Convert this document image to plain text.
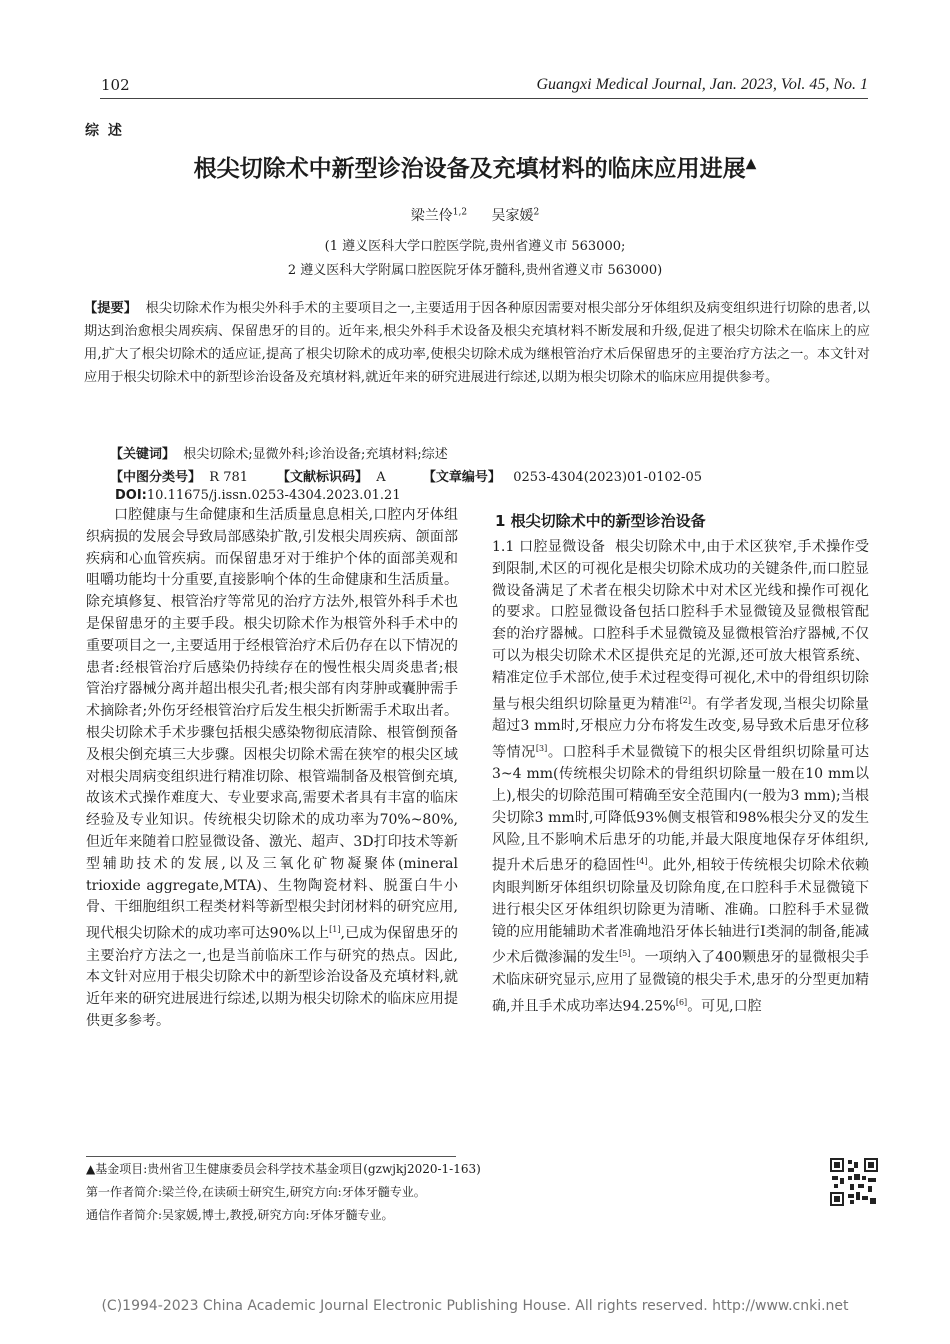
102	Guangxi Medical Journal, Jan. 2023, Vol. 45, No. 1
综 述
根尖切除术中新型诊治设备及充填材料的临床应用进展▲
梁兰伶$^{1,2}$ 吴家媛$^2$
(1 遵义医科大学口腔医学院,贵州省遵义市 563000;
2 遵义医科大学附属口腔医院牙体牙髓科,贵州省遵义市 563000)
【提要】 根尖切除术作为根尖外科手术的主要项目之一,主要适用于因各种原因需要对根尖部分牙体组织及病变组织进行切除的患者,以期达到治愈根尖周疾病、保留患牙的目的。近年来,根尖外科手术设备及根尖充填材料不断发展和升级,促进了根尖切除术在临床上的应用,扩大了根尖切除术的适应证,提高了根尖切除术的成功率,使根尖切除术成为继根管治疗术后保留患牙的主要治疗方法之一。本文针对应用于根尖切除术中的新型诊治设备及充填材料,就近年来的研究进展进行综述,以期为根尖切除术的临床应用提供参考。
【关键词】 根尖切除术;显微外科;诊治设备;充填材料;综述
【中图分类号】 R 781 【文献标识码】 A	【文章编号】 0253-4304(2023)01-0102-05
DOI:10.11675/j.issn.0253-4304.2023.01.21

口腔健康与生命健康和生活质量息息相关,口腔内牙体组织病损的发展会导致局部感染扩散,引发根尖周疾病、颌面部疾病和心血管疾病。而保留患牙对于维护个体的面部美观和咀嚼功能均十分重要,直接影响个体的生命健康和生活质量。除充填修复、根管治疗等常见的治疗方法外,根管外科手术也是保留患牙的主要手段。根尖切除术作为根管外科手术中的重要项目之一,主要适用于经根管治疗术后仍存在以下情况的患者:经根管治疗后感染仍持续存在的慢性根尖周炎患者;根管治疗器械分离并超出根尖孔者;根尖部有肉芽肿或囊肿需手术摘除者;外伤牙经根管治疗后发生根尖折断需手术取出者。根尖切除术手术步骤包括根尖感染物彻底清除、根管倒预备及根尖倒充填三大步骤。因根尖切除术需在狭窄的根尖区域对根尖周病变组织进行精准切除、根管端制备及根管倒充填,故该术式操作难度大、专业要求高,需要术者具有丰富的临床经验及专业知识。传统根尖切除术的成功率为70%~80%,但近年来随着口腔显微设备、激光、超声、3D打印技术等新型辅助技术的发展,以及三氧化矿物凝聚体(mineral trioxide aggregate,MTA)、生物陶瓷材料、脱蛋白牛小骨、干细胞组织工程类材料等新型根尖封闭材料的研究应用,现代根尖切除术的成功率可达90%以上[1],已成为保留患牙的主要治疗方法之一,也是当前临床工作与研究的热点。因此,本文针对应用于根尖切除术中的新型诊治设备及充填材料,就近年来的研究进展进行综述,以期为根尖切除术的临床应用提供更多参考。

1 根尖切除术中的新型诊治设备

1.1 口腔显微设备 根尖切除术中,由于术区狭窄,手术操作受到限制,术区的可视化是根尖切除术成功的关键条件,而口腔显微设备满足了术者在根尖切除术中对术区光线和操作可视化的要求。口腔显微设备包括口腔科手术显微镜及显微根管配套的治疗器械。口腔科手术显微镜及显微根管治疗器械,不仅可以为根尖切除术术区提供充足的光源,还可放大根管系统、精准定位手术部位,使手术过程变得可视化,术中的骨组织切除量与根尖组织切除量更为精准[2]。有学者发现,当根尖切除量超过3 mm时,牙根应力分布将发生改变,易导致术后患牙位移等情况[3]。口腔科手术显微镜下的根尖区骨组织切除量可达3~4 mm(传统根尖切除术的骨组织切除量一般在10 mm以上),根尖的切除范围可精确至安全范围内(一般为3 mm);当根尖切除3 mm时,可降低93%侧支根管和98%根尖分叉的发生风险,且不影响术后患牙的功能,并最大限度地保存牙体组织,提升术后患牙的稳固性[4]。此外,相较于传统根尖切除术依赖肉眼判断牙体组织切除量及切除角度,在口腔科手术显微镜下进行根尖区牙体组织切除更为清晰、准确。口腔科手术显微镜的应用能辅助术者准确地沿牙体长轴进行Ⅰ类洞的制备,能减少术后微渗漏的发生[5]。一项纳入了400颗患牙的显微根尖手术临床研究显示,应用了显微镜的根尖手术,患牙的分型更加精确,并且手术成功率达94.25%[6]。可见,口腔

▲基金项目:贵州省卫生健康委员会科学技术基金项目(gzwjkj2020-1-163)
第一作者简介:梁兰伶,在读硕士研究生,研究方向:牙体牙髓专业。
通信作者简介:吴家媛,博士,教授,研究方向:牙体牙髓专业。
(C)1994-2023 China Academic Journal Electronic Publishing House. All rights reserved. http://www.cnki.net
